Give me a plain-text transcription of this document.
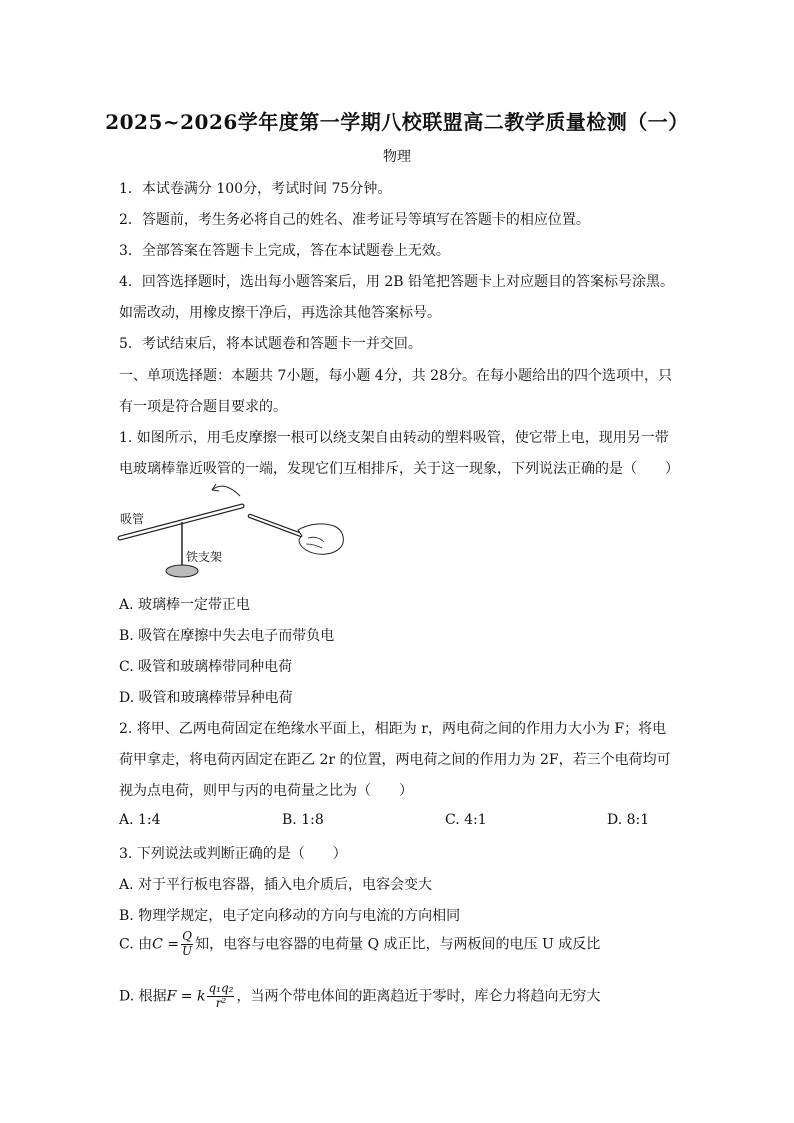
2025~2026学年度第一学期八校联盟高二教学质量检测（一）
物理
1．本试卷满分 100分，考试时间 75分钟。
2．答题前，考生务必将自己的姓名、准考证号等填写在答题卡的相应位置。
3．全部答案在答题卡上完成，答在本试题卷上无效。
4．回答选择题时，选出每小题答案后，用 2B 铅笔把答题卡上对应题目的答案标号涂黑。
如需改动，用橡皮擦干净后，再选涂其他答案标号。
5．考试结束后，将本试题卷和答题卡一并交回。
一、单项选择题：本题共 7小题，每小题 4分，共 28分。在每小题给出的四个选项中，只
有一项是符合题目要求的。
1. 如图所示，用毛皮摩擦一根可以绕支架自由转动的塑料吸管，使它带上电，现用另一带
电玻璃棒靠近吸管的一端，发现它们互相排斥，关于这一现象，下列说法正确的是（　　）
吸管
铁支架
A. 玻璃棒一定带正电
B. 吸管在摩擦中失去电子而带负电
C. 吸管和玻璃棒带同种电荷
D. 吸管和玻璃棒带异种电荷
2. 将甲、乙两电荷固定在绝缘水平面上，相距为 r，两电荷之间的作用力大小为 F；将电
荷甲拿走，将电荷丙固定在距乙 2r 的位置，两电荷之间的作用力为 2F，若三个电荷均可
视为点电荷，则甲与丙的电荷量之比为（　　）
A. 1:4	B. 1:8	C. 4:1	D. 8:1
3. 下列说法或判断正确的是（　　）
A. 对于平行板电容器，插入电介质后，电容会变大
B. 物理学规定，电子定向移动的方向与电流的方向相同
C. 由$C = \frac{Q}{U}$ 知，电容与电容器的电荷量 Q 成正比，与两板间的电压 U 成反比
D. 根据F = k $\frac{\text{q₁q₂}}{\text{r²}}$ ，当两个带电体间的距离趋近于零时，库仑力将趋向无穷大
